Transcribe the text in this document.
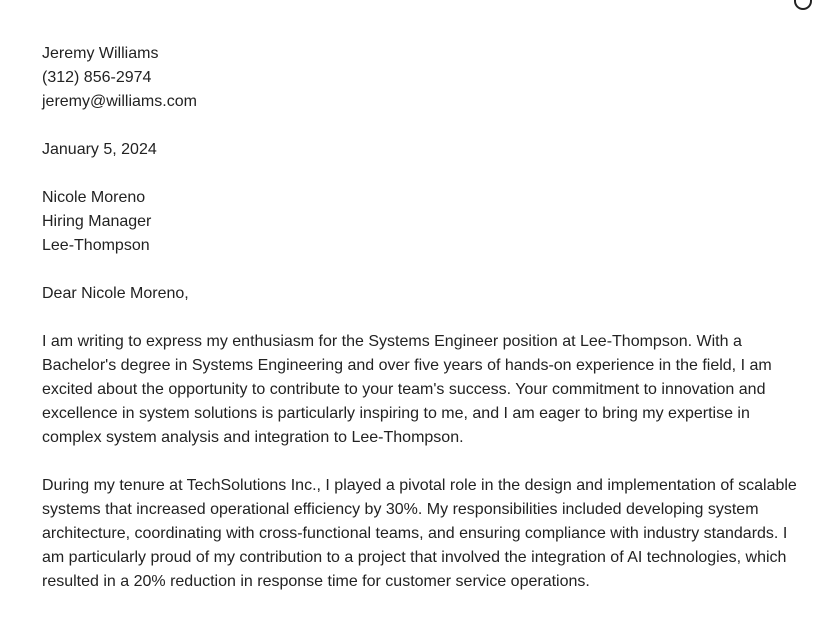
Jeremy Williams
(312) 856-2974
jeremy@williams.com
January 5, 2024
Nicole Moreno
Hiring Manager
Lee-Thompson
Dear Nicole Moreno,

I am writing to express my enthusiasm for the Systems Engineer position at Lee-Thompson. With a Bachelor's degree in Systems Engineering and over five years of hands-on experience in the field, I am excited about the opportunity to contribute to your team's success. Your commitment to innovation and excellence in system solutions is particularly inspiring to me, and I am eager to bring my expertise in complex system analysis and integration to Lee-Thompson.

During my tenure at TechSolutions Inc., I played a pivotal role in the design and implementation of scalable systems that increased operational efficiency by 30%. My responsibilities included developing system architecture, coordinating with cross-functional teams, and ensuring compliance with industry standards. I am particularly proud of my contribution to a project that involved the integration of AI technologies, which resulted in a 20% reduction in response time for customer service operations.
